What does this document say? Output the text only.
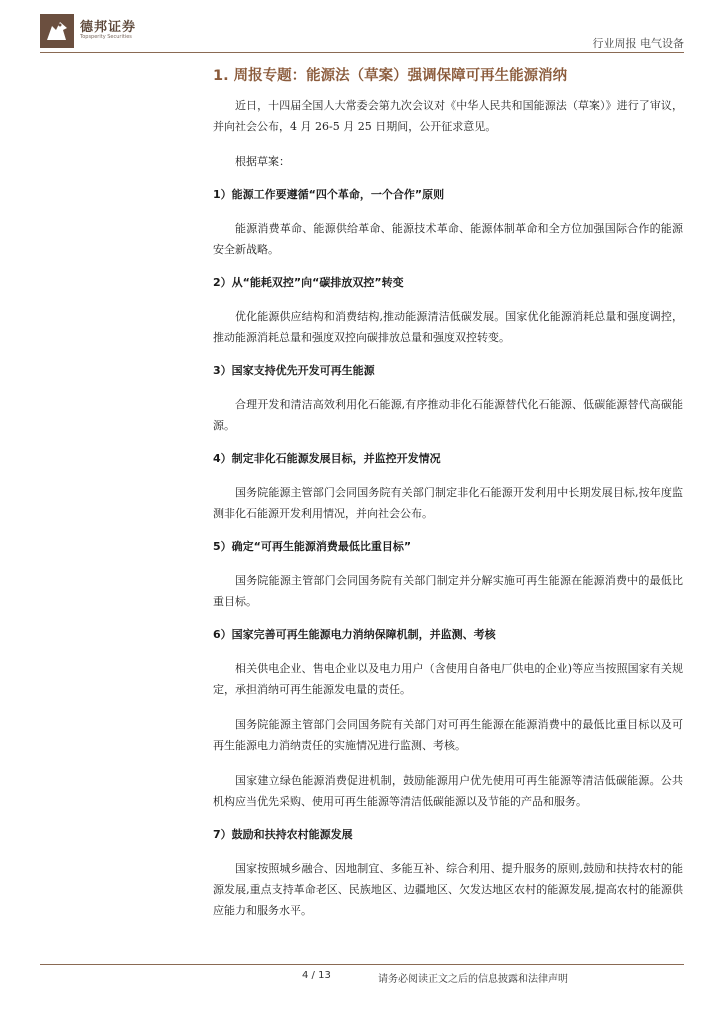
德邦证券
Topsperity Securities	行业周报 电气设备
1. 周报专题：能源法（草案）强调保障可再生能源消纳

近日，十四届全国人大常委会第九次会议对《中华人民共和国能源法（草案）》进行了审议，并向社会公布，4 月 26-5 月 25 日期间，公开征求意见。

根据草案：

1）能源工作要遵循“四个革命，一个合作”原则

能源消费革命、能源供给革命、能源技术革命、能源体制革命和全方位加强国际合作的能源安全新战略。

2）从“能耗双控”向“碳排放双控”转变

优化能源供应结构和消费结构,推动能源清洁低碳发展。国家优化能源消耗总量和强度调控，推动能源消耗总量和强度双控向碳排放总量和强度双控转变。

3）国家支持优先开发可再生能源

合理开发和清洁高效利用化石能源,有序推动非化石能源替代化石能源、低碳能源替代高碳能源。

4）制定非化石能源发展目标，并监控开发情况

国务院能源主管部门会同国务院有关部门制定非化石能源开发利用中长期发展目标,按年度监测非化石能源开发利用情况，并向社会公布。

5）确定“可再生能源消费最低比重目标”

国务院能源主管部门会同国务院有关部门制定并分解实施可再生能源在能源消费中的最低比重目标。

6）国家完善可再生能源电力消纳保障机制，并监测、考核

相关供电企业、售电企业以及电力用户（含使用自备电厂供电的企业)等应当按照国家有关规定，承担消纳可再生能源发电量的责任。

国务院能源主管部门会同国务院有关部门对可再生能源在能源消费中的最低比重目标以及可再生能源电力消纳责任的实施情况进行监测、考核。

国家建立绿色能源消费促进机制，鼓励能源用户优先使用可再生能源等清洁低碳能源。公共机构应当优先采购、使用可再生能源等清洁低碳能源以及节能的产品和服务。

7）鼓励和扶持农村能源发展

国家按照城乡融合、因地制宜、多能互补、综合利用、提升服务的原则,鼓励和扶持农村的能源发展,重点支持革命老区、民族地区、边疆地区、欠发达地区农村的能源发展,提高农村的能源供应能力和服务水平。

4 / 13	请务必阅读正文之后的信息披露和法律声明
